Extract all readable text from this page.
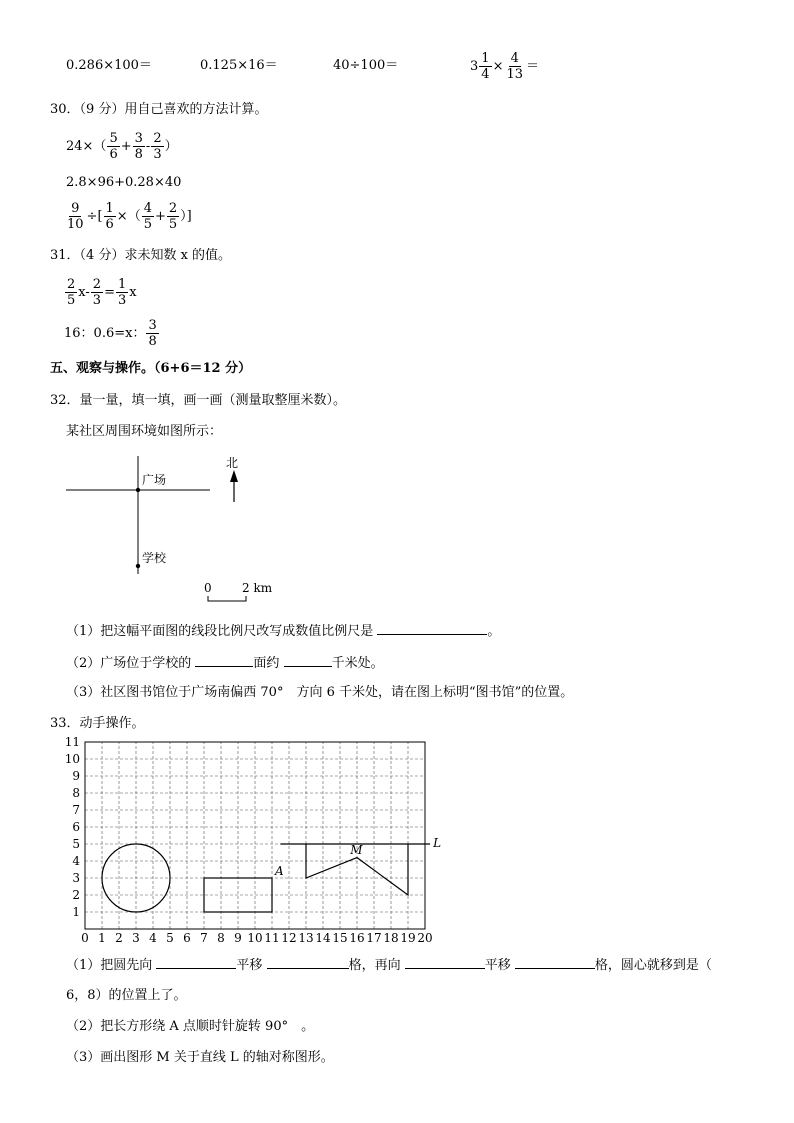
0.286×100＝	0.125×16＝	40÷100＝	$3 \frac{1}{4} \times \frac{4}{13}$ ＝
30．（9 分）用自己喜欢的方法计算。
$24\times( \frac{5}{6} + \frac{3}{8} - \frac{2}{3}$ ）
2.8×96+0.28×40
$\frac{9}{10}$ ÷[ $\frac{1}{6}$ ×（ $\frac{4}{5} + \frac{2}{5}$ ）]
31．（4 分）求未知数 x 的值。
$\frac{2}{5} x- \frac{2}{3} = \frac{1}{3}$ x
16：0.6=x： $\frac{3}{8}$
五、观察与操作。（6+6＝12 分）
32．量一量，填一填，画一画（测量取整厘米数）。
某社区周围环境如图所示：
广场
学校
北
0	2 km
（1）把这幅平面图的线段比例尺改写成数值比例尺是	。
（2）广场位于学校的	面约	千米处。
（3）社区图书馆位于广场南偏西 70°　方向 6 千米处，请在图上标明“图书馆”的位置。
33．动手操作。
0 1 2 3 4 5 6 7 8 9 10 11 12 13 14 15 16 17 18 19 20
11
10
9
8
7
6
5
4
3
2
1
A
L
M
（1）把圆先向	平移	格，再向	平移	格，圆心就移到是（
6，8）的位置上了。
（2）把长方形绕 A 点顺时针旋转 90°　。
（3）画出图形 M 关于直线 L 的轴对称图形。
